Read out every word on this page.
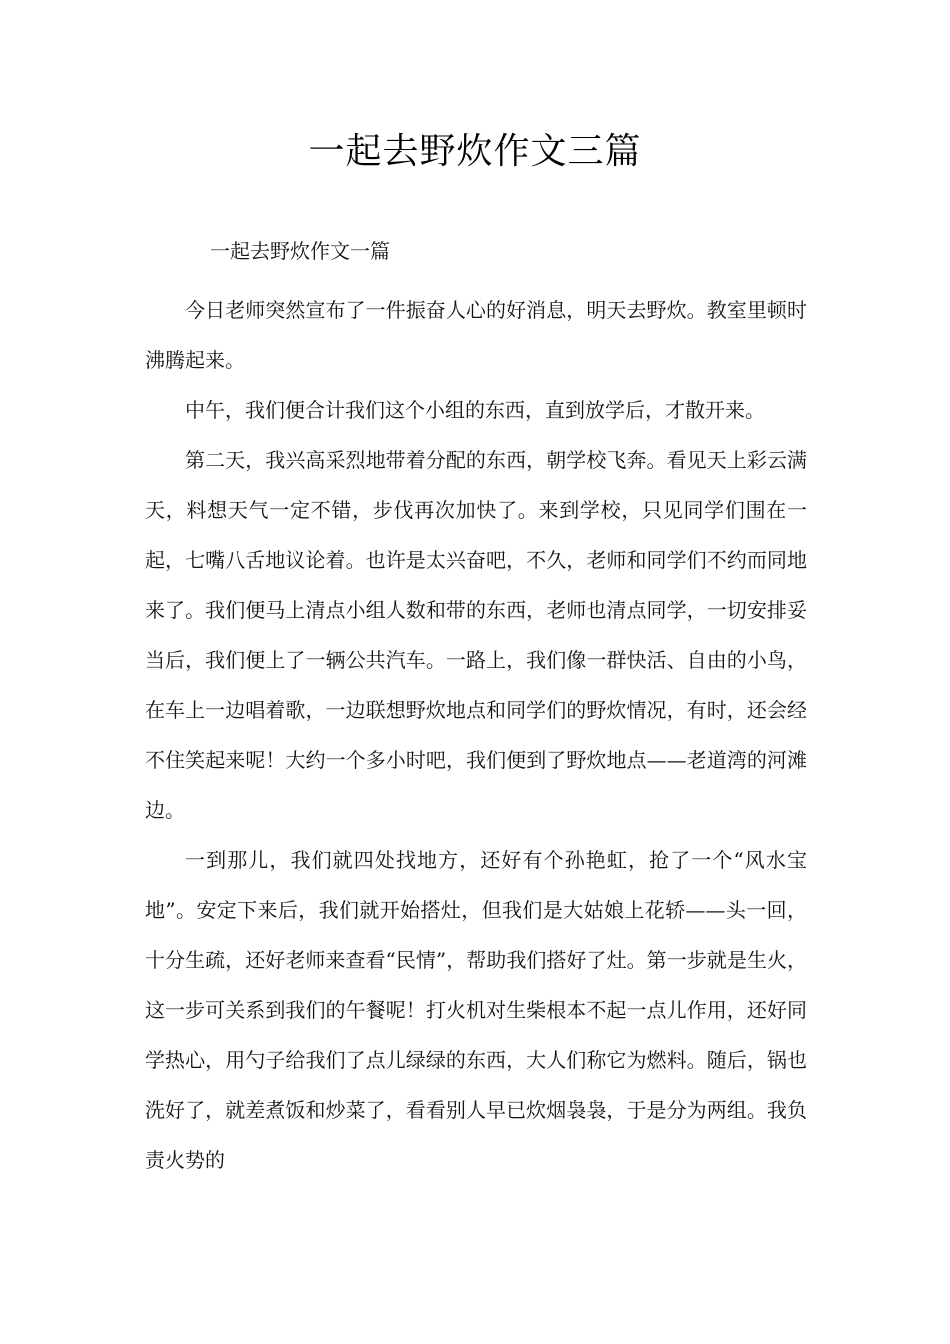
一起去野炊作文三篇
一起去野炊作文一篇

今日老师突然宣布了一件振奋人心的好消息，明天去野炊。教室里顿时沸腾起来。

中午，我们便合计我们这个小组的东西，直到放学后，才散开来。

第二天，我兴高采烈地带着分配的东西，朝学校飞奔。看见天上彩云满天，料想天气一定不错，步伐再次加快了。来到学校，只见同学们围在一起，七嘴八舌地议论着。也许是太兴奋吧，不久，老师和同学们不约而同地来了。我们便马上清点小组人数和带的东西，老师也清点同学，一切安排妥当后，我们便上了一辆公共汽车。一路上，我们像一群快活、自由的小鸟，在车上一边唱着歌，一边联想野炊地点和同学们的野炊情况，有时，还会经不住笑起来呢！大约一个多小时吧，我们便到了野炊地点——老道湾的河滩边。

一到那儿，我们就四处找地方，还好有个孙艳虹，抢了一个“风水宝地”。安定下来后，我们就开始搭灶，但我们是大姑娘上花轿——头一回，十分生疏，还好老师来查看“民情”，帮助我们搭好了灶。第一步就是生火，这一步可关系到我们的午餐呢！打火机对生柴根本不起一点儿作用，还好同学热心，用勺子给我们了点儿绿绿的东西，大人们称它为燃料。随后，锅也洗好了，就差煮饭和炒菜了，看看别人早已炊烟袅袅，于是分为两组。我负责火势的
